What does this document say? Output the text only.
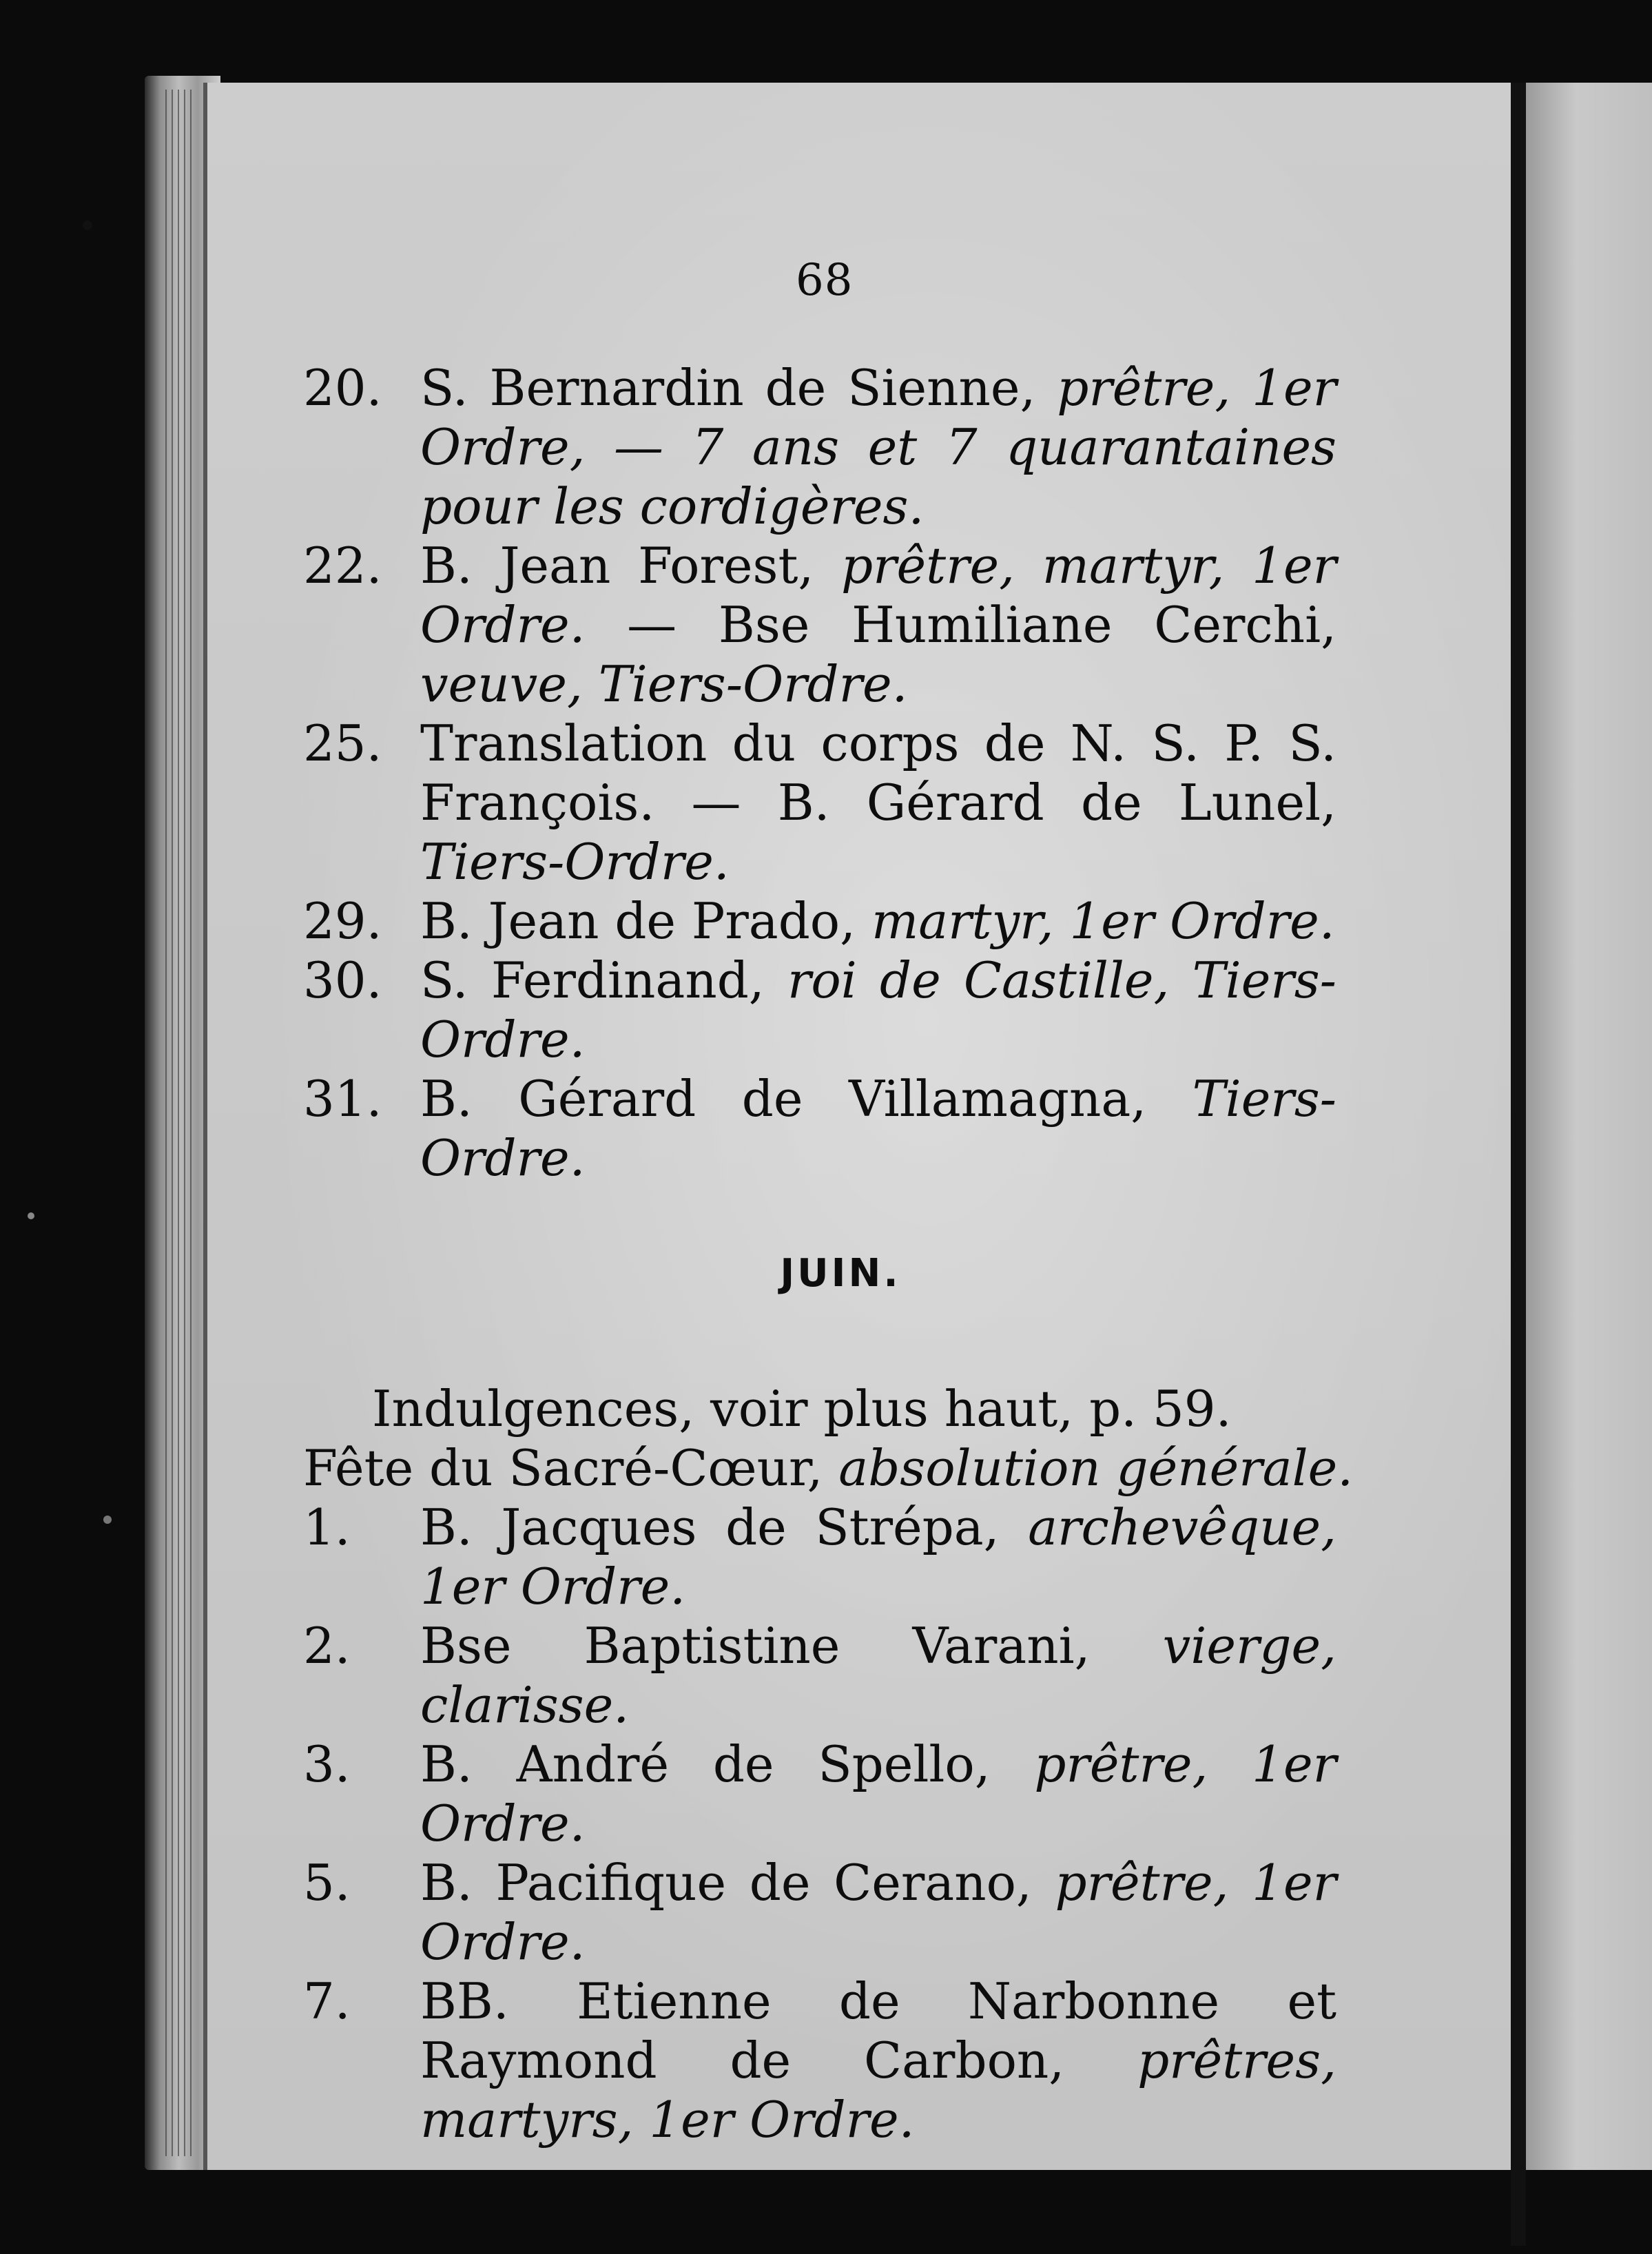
68

20. S. Bernardin de Sienne, prêtre, 1er Ordre, — 7 ans et 7 quarantaines pour les cordigères.

22. B. Jean Forest, prêtre, martyr, 1er Ordre. — Bse Humiliane Cerchi, veuve, Tiers-Ordre.

25. Translation du corps de N. S. P. S. François. — B. Gérard de Lunel, Tiers-Ordre.

29. B. Jean de Prado, martyr, 1er Ordre.

30. S. Ferdinand, roi de Castille, Tiers-Ordre.

31. B. Gérard de Villamagna, Tiers-Ordre.

JUIN.

Indulgences, voir plus haut, p. 59.

Fête du Sacré-Cœur, absolution générale.

1.	B. Jacques de Strépa, archevêque, 1er Ordre.

2.	Bse Baptistine Varani, vierge, clarisse.

3.	B. André de Spello, prêtre, 1er Ordre.

5.	B. Pacifique de Cerano, prêtre, 1er Ordre.

7.	BB. Etienne de Narbonne et Raymond de Carbon, prêtres, martyrs, 1er Ordre.
